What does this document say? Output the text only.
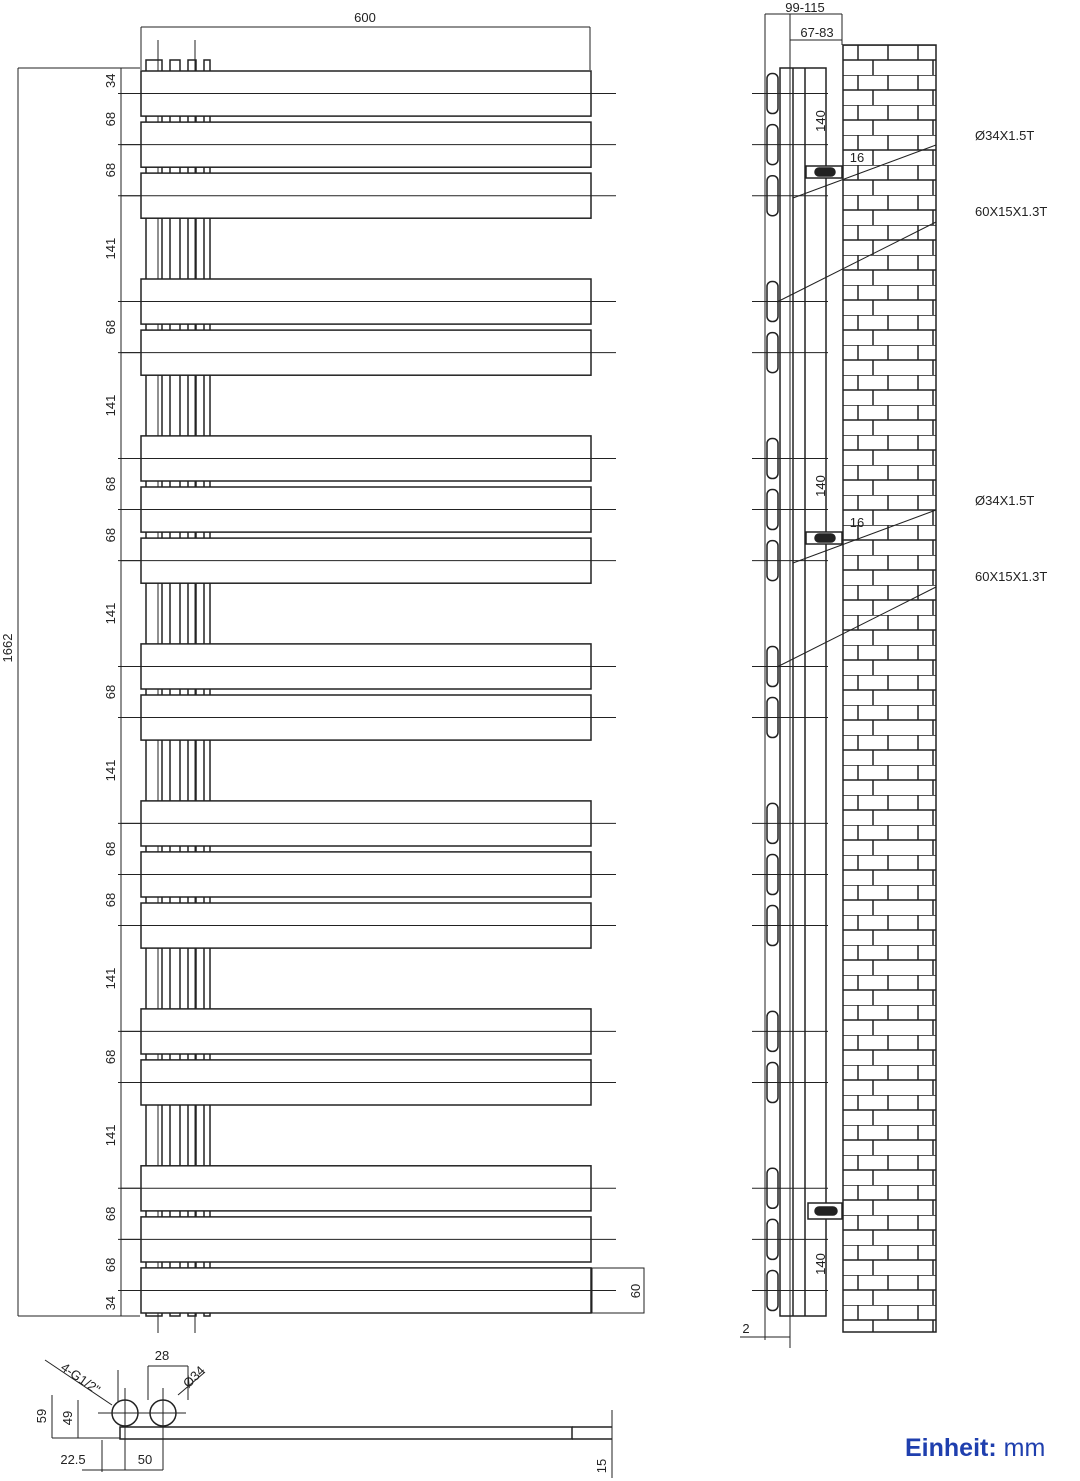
600
1662
60
34
68
68
141
68
141
68
68
141
68
141
68
68
141
68
141
68
68
34
99-115
67-83
140
140
140
16
16
Ø34X1.5T
60X15X1.3T
Ø34X1.5T
60X15X1.3T
2
4-G1/2"
28
Ø34
59 49
22.5	50	15
Einheit: mm
